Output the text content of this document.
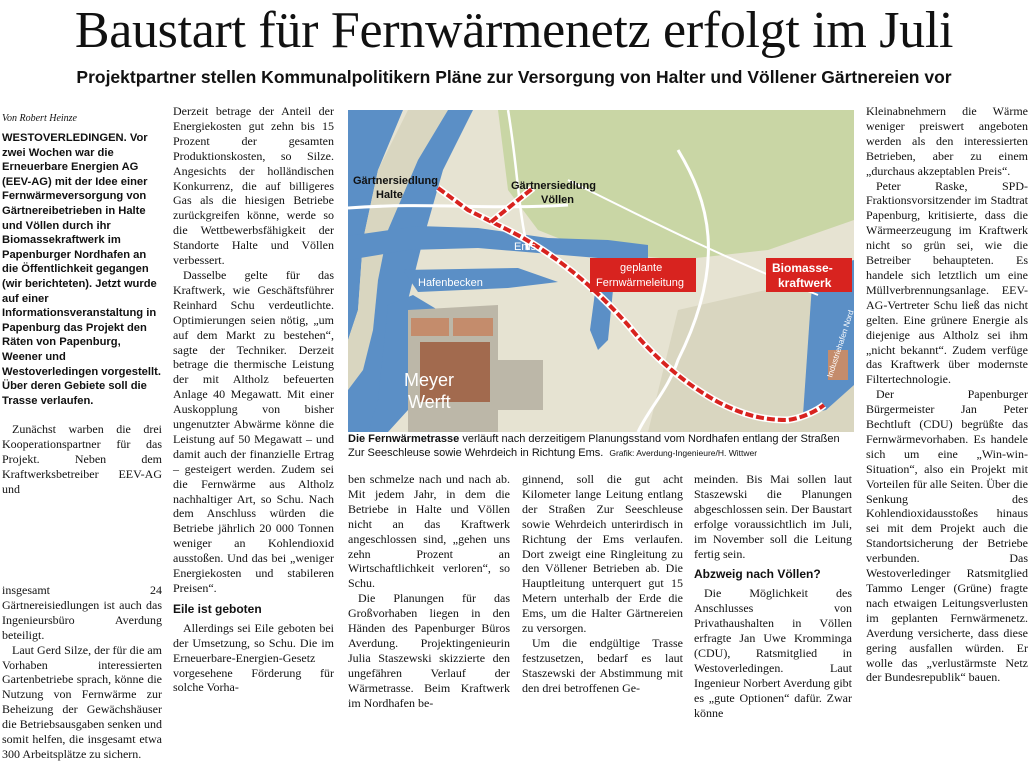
Baustart für Fernwärmenetz erfolgt im Juli
Projektpartner stellen Kommunalpolitikern Pläne zur Versorgung von Halter und Völlener Gärtnereien vor

Von Robert Heinze

WESTOVERLEDINGEN. Vor zwei Wochen war die Erneuerbare Energien AG (EEV-AG) mit der Idee einer Fernwärmeversorgung von Gärtnereibetrieben in Halte und Völlen durch ihr Biomassekraftwerk im Papenburger Nordhafen an die Öffentlichkeit gegangen (wir berichteten). Jetzt wurde auf einer Informationsveranstaltung in Papenburg das Projekt den Räten von Papenburg, Weener und Westoverledingen vorgestellt. Über deren Gebiete soll die Trasse verlaufen.

Zunächst warben die drei Kooperationspartner für das Projekt. Neben dem Kraftwerksbetreiber EEV-AG und

insgesamt 24 Gärtnereisiedlungen ist auch das Ingenieursbüro Averdung beteiligt.

Laut Gerd Silze, der für die am Vorhaben interessierten Gartenbetriebe sprach, könne die Nutzung von Fernwärme zur Beheizung der Gewächshäuser die Betriebsausgaben senken und somit helfen, die insgesamt etwa 300 Arbeitsplätze zu sichern.

Derzeit betrage der Anteil der Energiekosten gut zehn bis 15 Prozent der gesamten Produktionskosten, so Silze. Angesichts der holländischen Konkurrenz, die auf billigeres Gas als die hiesigen Betriebe zurückgreifen könne, werde so die Wettbewerbsfähigkeit der Standorte Halte und Völlen verbessert.

Dasselbe gelte für das Kraftwerk, wie Geschäftsführer Reinhard Schu verdeutlichte. Optimierungen seien nötig, „um auf dem Markt zu bestehen“, sagte der Techniker. Derzeit betrage die thermische Leistung der mit Altholz befeuerten Anlage 40 Megawatt. Mit einer Auskopplung von bisher ungenutzter Abwärme könne die Leistung auf 50 Megawatt – und damit auch der finanzielle Ertrag – gesteigert werden. Zudem sei die Fernwärme aus Altholz nachhaltiger Art, so Schu. Nach dem Anschluss würden die Betriebe jährlich 20 000 Tonnen weniger an Kohlendioxid ausstoßen. Und das bei „weniger Energiekosten und stabileren Preisen“.

Eile ist geboten

Allerdings sei Eile geboten bei der Umsetzung, so Schu. Die im Erneuerbare-Energien-Gesetz vorgesehene Förderung für solche Vorha-

Gärtnersiedlung
Halte
Gärtnersiedlung
Völlen
Ems
Hafenbecken
Meyer
Werft
geplante
Fernwärmeleitung
Biomasse-
kraftwerk
Industriehafen Nord
Die Fernwärmetrasse verläuft nach derzeitigem Planungsstand vom Nordhafen entlang der Straßen Zur Seeschleuse sowie Wehrdeich in Richtung Ems. Grafik: Averdung-Ingenieure/H. Wittwer

ben schmelze nach und nach ab. Mit jedem Jahr, in dem die Betriebe in Halte und Völlen nicht an das Kraftwerk angeschlossen sind, „gehen uns zehn Prozent an Wirtschaftlichkeit verloren“, so Schu.

Die Planungen für das Großvorhaben liegen in den Händen des Papenburger Büros Averdung. Projektingenieurin Julia Staszewski skizzierte den ungefähren Verlauf der Wärmetrasse. Beim Kraftwerk im Nordhafen be-

ginnend, soll die gut acht Kilometer lange Leitung entlang der Straßen Zur Seeschleuse sowie Wehrdeich unterirdisch in Richtung der Ems verlaufen. Dort zweigt eine Ringleitung zu den Völlener Betrieben ab. Die Hauptleitung unterquert gut 15 Metern unterhalb der Erde die Ems, um die Halter Gärtnereien zu versorgen.

Um die endgültige Trasse festzusetzen, bedarf es laut Staszewski der Abstimmung mit den drei betroffenen Ge-

meinden. Bis Mai sollen laut Staszewski die Planungen abgeschlossen sein. Der Baustart erfolge voraussichtlich im Juli, im November soll die Leitung fertig sein.

Abzweig nach Völlen?

Die Möglichkeit des Anschlusses von Privathaushalten in Völlen erfragte Jan Uwe Kromminga (CDU), Ratsmitglied in Westoverledingen. Laut Ingenieur Norbert Averdung gibt es „gute Optionen“ dafür. Zwar könne

Kleinabnehmern die Wärme weniger preiswert angeboten werden als den interessierten Betrieben, aber zu einem „durchaus akzeptablen Preis“.

Peter Raske, SPD-Fraktionsvorsitzender im Stadtrat Papenburg, kritisierte, dass die Wärmeerzeugung im Kraftwerk nicht so grün sei, wie die Betreiber behaupteten. Es handele sich letztlich um eine Müllverbrennungsanlage. EEV-AG-Vertreter Schu ließ das nicht gelten. Eine grünere Energie als diejenige aus Altholz sei ihm „nicht bekannt“. Zudem verfüge das Kraftwerk über modernste Filtertechnologie.

Der Papenburger Bürgermeister Jan Peter Bechtluft (CDU) begrüßte das Fernwärmevorhaben. Es handele sich um eine „Win-win-Situation“, also ein Projekt mit Vorteilen für alle Seiten. Über die Senkung des Kohlendioxidausstoßes hinaus sei mit dem Projekt auch die Standortsicherung der Betriebe verbunden. Das Westoverledinger Ratsmitglied Tammo Lenger (Grüne) fragte nach etwaigen Leitungsverlusten im geplanten Fernwärmenetz. Averdung versicherte, dass diese gering ausfallen würden. Er wolle das „verlustärmste Netz der Bundesrepublik“ bauen.
